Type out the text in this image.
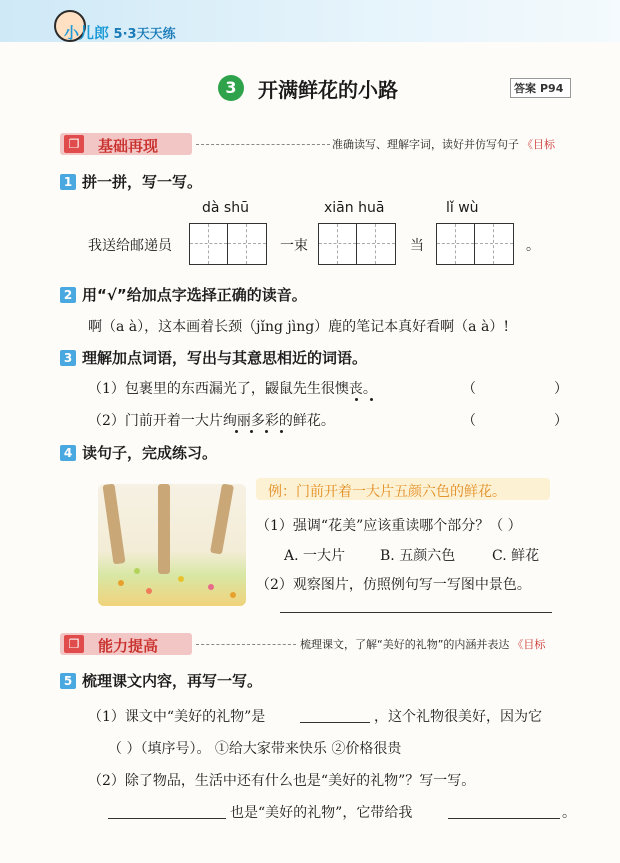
小儿郎 5·3天天练
3	开满鲜花的小路	答案 P94
❐	基础再现	准确读写、理解字词，读好并仿写句子 《目标
1 拼一拼，写一写。
dà shū	xiān huā	lǐ wù
我送给邮递员	一束	当	。
2 用“√”给加点字选择正确的读音。
啊（a à），这本画着长颈（jǐng jìng）鹿的笔记本真好看啊（a à）!
3 理解加点词语，写出与其意思相近的词语。
（1）包裹里的东西漏光了，鼹鼠先生很懊丧。	（	）
（2）门前开着一大片绚丽多彩的鲜花。	（	）
4 读句子，完成练习。
例：门前开着一大片五颜六色的鲜花。
（1）强调“花美”应该重读哪个部分？（ ）
A. 一大片 B. 五颜六色	C. 鲜花
（2）观察图片，仿照例句写一写图中景色。
❐	能力提高	梳理课文，了解“美好的礼物”的内涵并表达 《目标
5 梳理课文内容，再写一写。
（1）课文中“美好的礼物”是	，这个礼物很美好，因为它
（ ）（填序号）。 ①给大家带来快乐 ②价格很贵
（2）除了物品，生活中还有什么也是“美好的礼物”？写一写。
也是“美好的礼物”，它带给我	。
